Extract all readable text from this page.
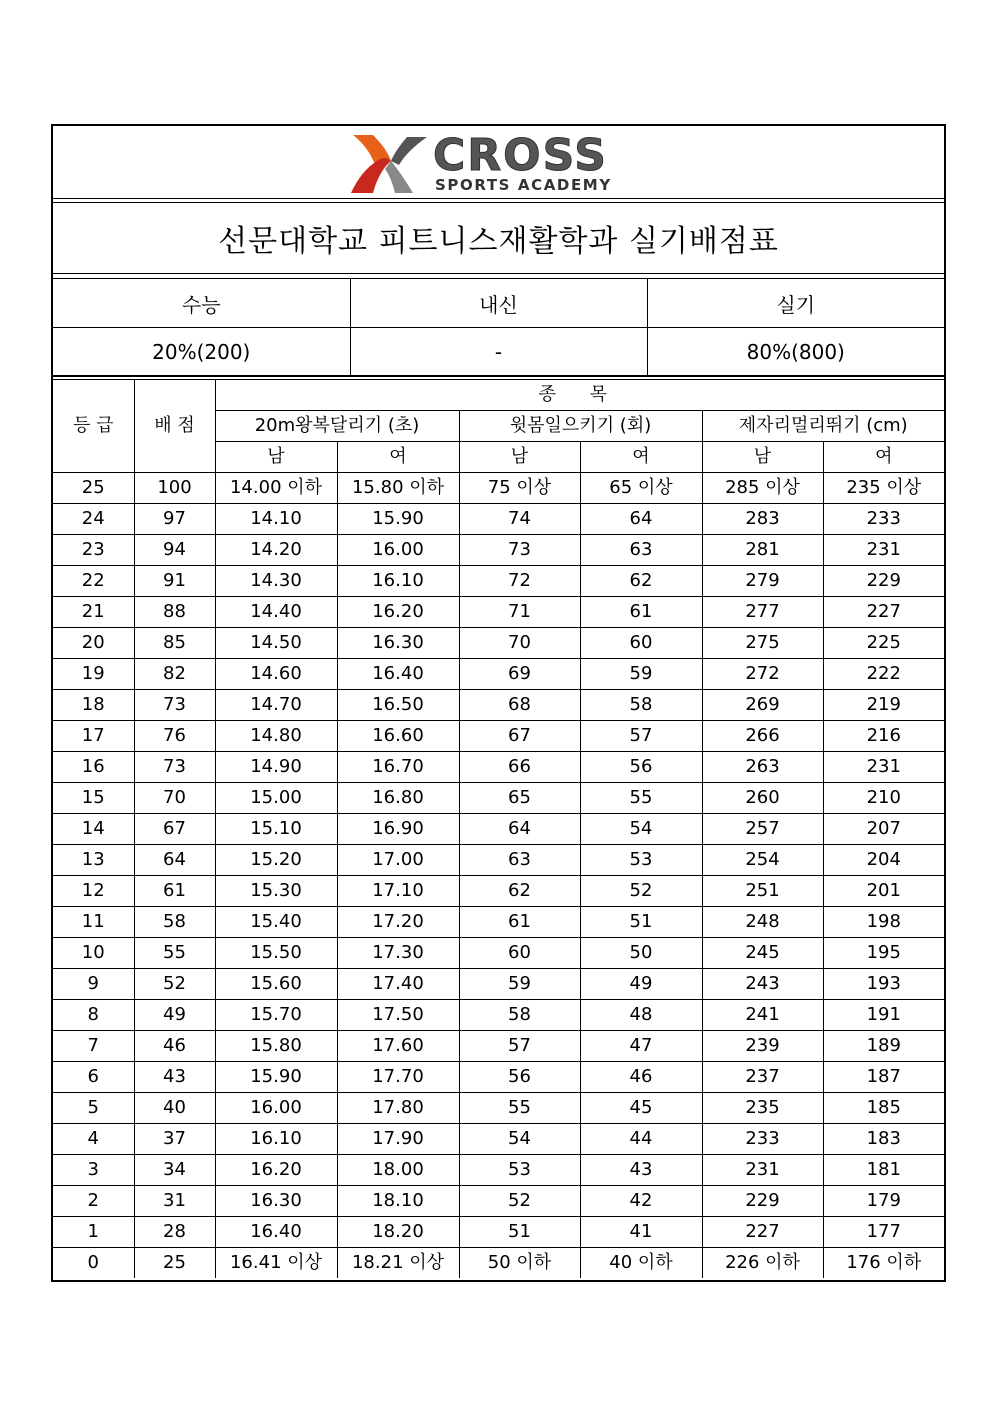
CROSS
SPORTS ACADEMY
선문대학교 피트니스재활학과 실기배점표
수능	내신	실기
20%(200)	-	80%(800)
등 급	배 점	종 목					
		20m왕복달리기 (초)		윗몸일으키기 (회)		제자리멀리뛰기 (cm)	
		남	여	남	여	남	여
25	100	14.00 이하	15.80 이하	75 이상	65 이상	285 이상	235 이상
24	97	14.10	15.90	74	64	283	233
23	94	14.20	16.00	73	63	281	231
22	91	14.30	16.10	72	62	279	229
21	88	14.40	16.20	71	61	277	227
20	85	14.50	16.30	70	60	275	225
19	82	14.60	16.40	69	59	272	222
18	73	14.70	16.50	68	58	269	219
17	76	14.80	16.60	67	57	266	216
16	73	14.90	16.70	66	56	263	231
15	70	15.00	16.80	65	55	260	210
14	67	15.10	16.90	64	54	257	207
13	64	15.20	17.00	63	53	254	204
12	61	15.30	17.10	62	52	251	201
11	58	15.40	17.20	61	51	248	198
10	55	15.50	17.30	60	50	245	195
9	52	15.60	17.40	59	49	243	193
8	49	15.70	17.50	58	48	241	191
7	46	15.80	17.60	57	47	239	189
6	43	15.90	17.70	56	46	237	187
5	40	16.00	17.80	55	45	235	185
4	37	16.10	17.90	54	44	233	183
3	34	16.20	18.00	53	43	231	181
2	31	16.30	18.10	52	42	229	179
1	28	16.40	18.20	51	41	227	177
0	25	16.41 이상	18.21 이상	50 이하	40 이하	226 이하	176 이하
